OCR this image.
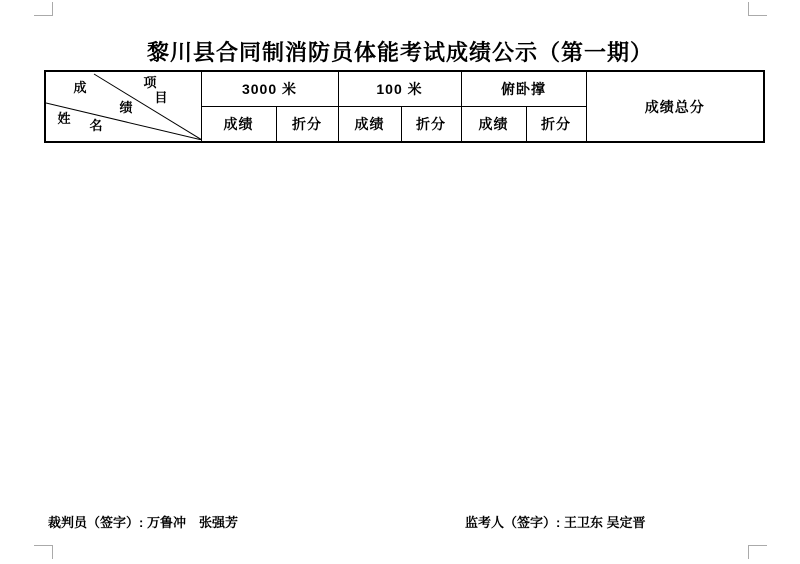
黎川县合同制消防员体能考试成绩公示（第一期）
成
绩
项
目
姓 名
	3000 米	100 米	俯卧撑	成绩总分
	成绩	折分	成绩	折分	成绩	折分	
裁判员（签字）: 万鲁冲　张强芳	监考人（签字）: 王卫东 吴定晋
